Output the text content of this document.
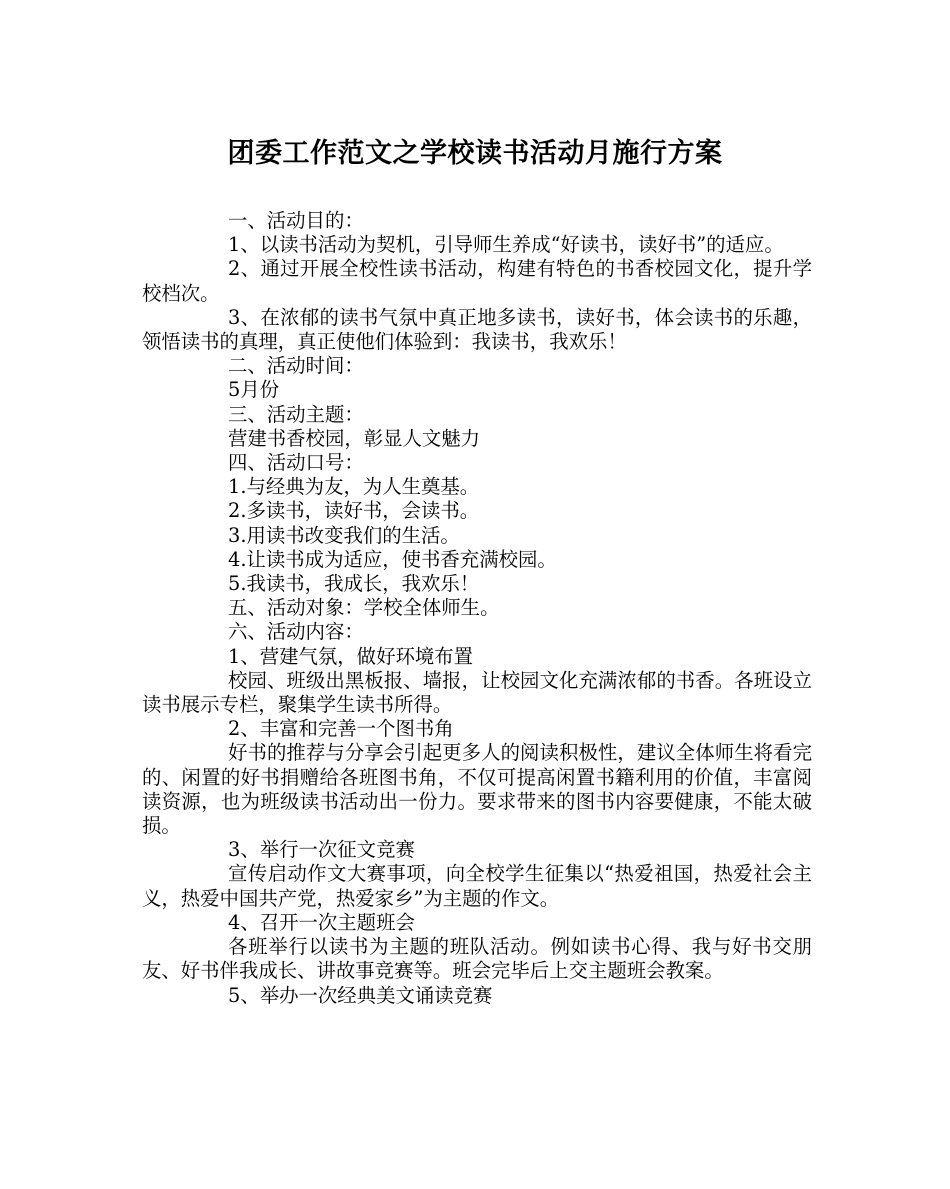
团委工作范文之学校读书活动月施行方案

一、活动目的：

1、以读书活动为契机，引导师生养成“好读书，读好书”的适应。

2、通过开展全校性读书活动，构建有特色的书香校园文化，提升学校档次。

3、在浓郁的读书气氛中真正地多读书，读好书，体会读书的乐趣，领悟读书的真理，真正使他们体验到：我读书，我欢乐！

二、活动时间：

5月份

三、活动主题：

营建书香校园，彰显人文魅力

四、活动口号：

1.与经典为友，为人生奠基。

2.多读书，读好书，会读书。

3.用读书改变我们的生活。

4.让读书成为适应，使书香充满校园。

5.我读书，我成长，我欢乐！

五、活动对象：学校全体师生。

六、活动内容：

1、营建气氛，做好环境布置

校园、班级出黑板报、墙报，让校园文化充满浓郁的书香。各班设立读书展示专栏，聚集学生读书所得。

2、丰富和完善一个图书角

好书的推荐与分享会引起更多人的阅读积极性，建议全体师生将看完的、闲置的好书捐赠给各班图书角，不仅可提高闲置书籍利用的价值，丰富阅读资源，也为班级读书活动出一份力。要求带来的图书内容要健康，不能太破损。

3、举行一次征文竞赛

宣传启动作文大赛事项，向全校学生征集以“热爱祖国，热爱社会主义，热爱中国共产党，热爱家乡”为主题的作文。

4、召开一次主题班会

各班举行以读书为主题的班队活动。例如读书心得、我与好书交朋友、好书伴我成长、讲故事竞赛等。班会完毕后上交主题班会教案。

5、举办一次经典美文诵读竞赛
